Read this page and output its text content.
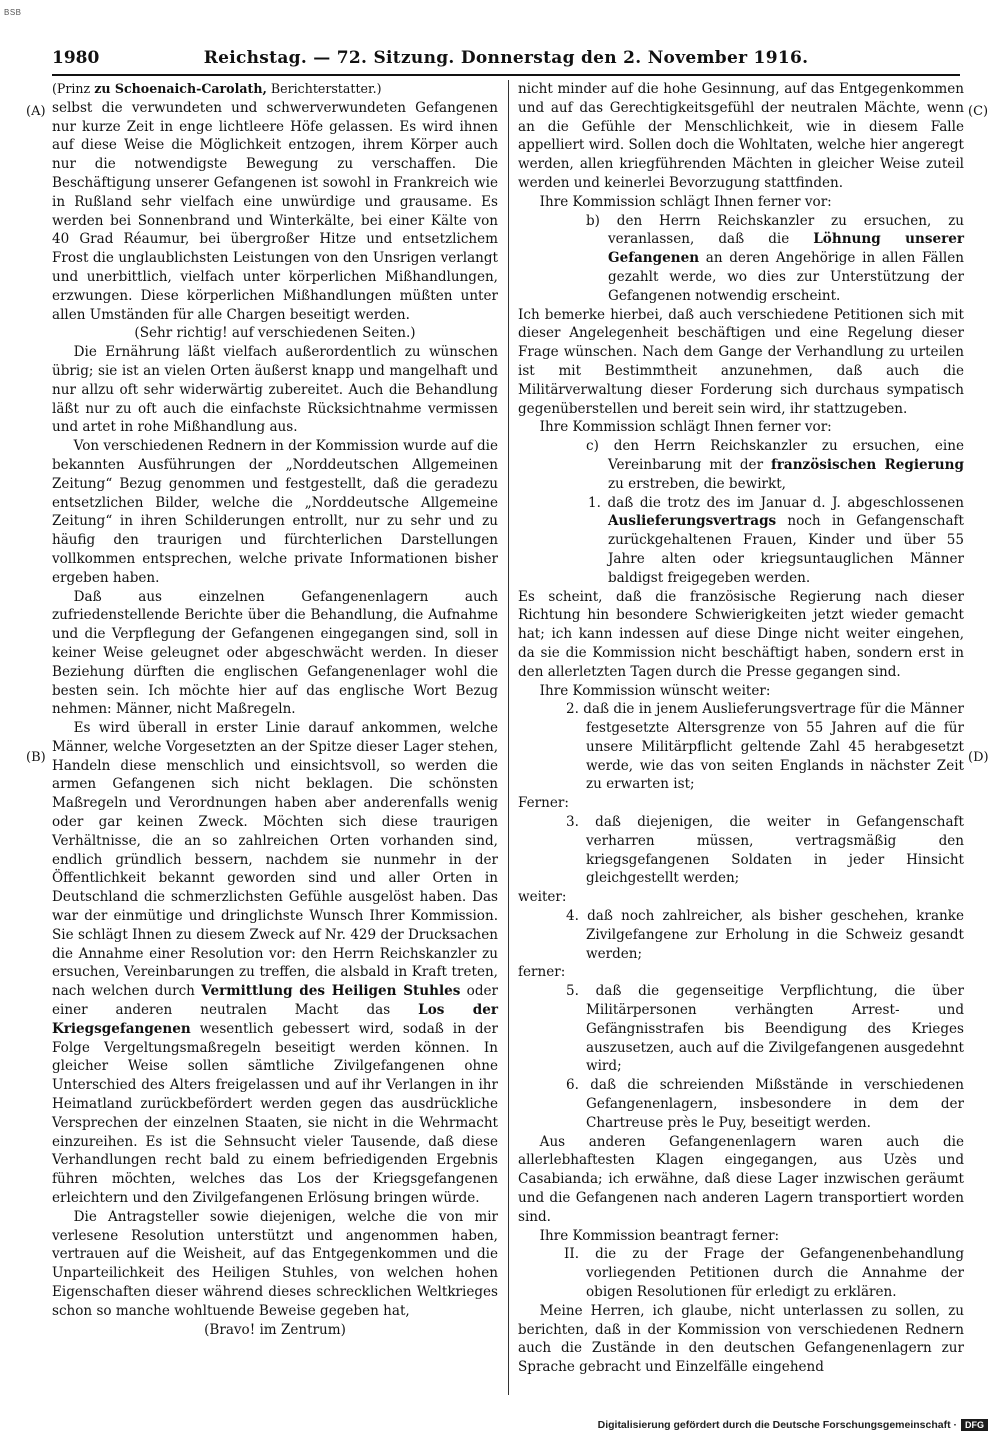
BSB
1980	Reichstag. — 72. Sitzung. Donnerstag den 2. November 1916.
(A)
(B)
(C)
(D)

(Prinz zu Schoenaich-Carolath, Berichterstatter.)

selbst die verwundeten und schwerverwundeten Gefangenen nur kurze Zeit in enge lichtleere Höfe gelassen. Es wird ihnen auf diese Weise die Möglichkeit entzogen, ihrem Körper auch nur die notwendigste Bewegung zu verschaffen. Die Beschäftigung unserer Gefangenen ist sowohl in Frankreich wie in Rußland sehr vielfach eine unwürdige und grausame. Es werden bei Sonnenbrand und Winterkälte, bei einer Kälte von 40 Grad Réaumur, bei übergroßer Hitze und entsetzlichem Frost die unglaublichsten Leistungen von den Unsrigen verlangt und unerbittlich, vielfach unter körperlichen Mißhandlungen, erzwungen. Diese körperlichen Mißhandlungen müßten unter allen Umständen für alle Chargen beseitigt werden.

(Sehr richtig! auf verschiedenen Seiten.)

Die Ernährung läßt vielfach außerordentlich zu wünschen übrig; sie ist an vielen Orten äußerst knapp und mangelhaft und nur allzu oft sehr widerwärtig zubereitet. Auch die Behandlung läßt nur zu oft auch die einfachste Rücksichtnahme vermissen und artet in rohe Mißhandlung aus.

Von verschiedenen Rednern in der Kommission wurde auf die bekannten Ausführungen der „Norddeutschen Allgemeinen Zeitung“ Bezug genommen und festgestellt, daß die geradezu entsetzlichen Bilder, welche die „Norddeutsche Allgemeine Zeitung“ in ihren Schilderungen entrollt, nur zu sehr und zu häufig den traurigen und fürchterlichen Darstellungen vollkommen entsprechen, welche private Informationen bisher ergeben haben.

Daß aus einzelnen Gefangenenlagern auch zufriedenstellende Berichte über die Behandlung, die Aufnahme und die Verpflegung der Gefangenen eingegangen sind, soll in keiner Weise geleugnet oder abgeschwächt werden. In dieser Beziehung dürften die englischen Gefangenenlager wohl die besten sein. Ich möchte hier auf das englische Wort Bezug nehmen: Männer, nicht Maßregeln.

Es wird überall in erster Linie darauf ankommen, welche Männer, welche Vorgesetzten an der Spitze dieser Lager stehen, Handeln diese menschlich und einsichtsvoll, so werden die armen Gefangenen sich nicht beklagen. Die schönsten Maßregeln und Verordnungen haben aber anderenfalls wenig oder gar keinen Zweck. Möchten sich diese traurigen Verhältnisse, die an so zahlreichen Orten vorhanden sind, endlich gründlich bessern, nachdem sie nunmehr in der Öffentlichkeit bekannt geworden sind und aller Orten in Deutschland die schmerzlichsten Gefühle ausgelöst haben. Das war der einmütige und dringlichste Wunsch Ihrer Kommission. Sie schlägt Ihnen zu diesem Zweck auf Nr. 429 der Drucksachen die Annahme einer Resolution vor: den Herrn Reichskanzler zu ersuchen, Vereinbarungen zu treffen, die alsbald in Kraft treten, nach welchen durch Vermittlung des Heiligen Stuhles oder einer anderen neutralen Macht das Los der Kriegsgefangenen wesentlich gebessert wird, sodaß in der Folge Vergeltungsmaßregeln beseitigt werden können. In gleicher Weise sollen sämtliche Zivilgefangenen ohne Unterschied des Alters freigelassen und auf ihr Verlangen in ihr Heimatland zurückbefördert werden gegen das ausdrückliche Versprechen der einzelnen Staaten, sie nicht in die Wehrmacht einzureihen. Es ist die Sehnsucht vieler Tausende, daß diese Verhandlungen recht bald zu einem befriedigenden Ergebnis führen möchten, welches das Los der Kriegsgefangenen erleichtern und den Zivilgefangenen Erlösung bringen würde.

Die Antragsteller sowie diejenigen, welche die von mir verlesene Resolution unterstützt und angenommen haben, vertrauen auf die Weisheit, auf das Entgegenkommen und die Unparteilichkeit des Heiligen Stuhles, von welchen hohen Eigenschaften dieser während dieses schrecklichen Weltkrieges schon so manche wohltuende Beweise gegeben hat,

(Bravo! im Zentrum)

nicht minder auf die hohe Gesinnung, auf das Entgegenkommen und auf das Gerechtigkeitsgefühl der neutralen Mächte, wenn an die Gefühle der Menschlichkeit, wie in diesem Falle appelliert wird. Sollen doch die Wohltaten, welche hier angeregt werden, allen kriegführenden Mächten in gleicher Weise zuteil werden und keinerlei Bevorzugung stattfinden.

Ihre Kommission schlägt Ihnen ferner vor:

b) den Herrn Reichskanzler zu ersuchen, zu veranlassen, daß die Löhnung unserer Gefangenen an deren Angehörige in allen Fällen gezahlt werde, wo dies zur Unterstützung der Gefangenen notwendig erscheint.

Ich bemerke hierbei, daß auch verschiedene Petitionen sich mit dieser Angelegenheit beschäftigen und eine Regelung dieser Frage wünschen. Nach dem Gange der Verhandlung zu urteilen ist mit Bestimmtheit anzunehmen, daß auch die Militärverwaltung dieser Forderung sich durchaus sympatisch gegenüberstellen und bereit sein wird, ihr stattzugeben.

Ihre Kommission schlägt Ihnen ferner vor:

c) den Herrn Reichskanzler zu ersuchen, eine Vereinbarung mit der französischen Regierung zu erstreben, die bewirkt,

1. daß die trotz des im Januar d. J. abgeschlossenen Auslieferungsvertrags noch in Gefangenschaft zurückgehaltenen Frauen, Kinder und über 55 Jahre alten oder kriegsuntauglichen Männer baldigst freigegeben werden.

Es scheint, daß die französische Regierung nach dieser Richtung hin besondere Schwierigkeiten jetzt wieder gemacht hat; ich kann indessen auf diese Dinge nicht weiter eingehen, da sie die Kommission nicht beschäftigt haben, sondern erst in den allerletzten Tagen durch die Presse gegangen sind.

Ihre Kommission wünscht weiter:

2. daß die in jenem Auslieferungsvertrage für die Männer festgesetzte Altersgrenze von 55 Jahren auf die für unsere Militärpflicht geltende Zahl 45 herabgesetzt werde, wie das von seiten Englands in nächster Zeit zu erwarten ist;

Ferner:

3. daß diejenigen, die weiter in Gefangenschaft verharren müssen, vertragsmäßig den kriegsgefangenen Soldaten in jeder Hinsicht gleichgestellt werden;

weiter:

4. daß noch zahlreicher, als bisher geschehen, kranke Zivilgefangene zur Erholung in die Schweiz gesandt werden;

ferner:

5. daß die gegenseitige Verpflichtung, die über Militärpersonen verhängten Arrest- und Gefängnisstrafen bis Beendigung des Krieges auszusetzen, auch auf die Zivilgefangenen ausgedehnt wird;

6. daß die schreienden Mißstände in verschiedenen Gefangenenlagern, insbesondere in dem der Chartreuse près le Puy, beseitigt werden.

Aus anderen Gefangenenlagern waren auch die allerlebhaftesten Klagen eingegangen, aus Uzès und Casabianda; ich erwähne, daß diese Lager inzwischen geräumt und die Gefangenen nach anderen Lagern transportiert worden sind.

Ihre Kommission beantragt ferner:

II. die zu der Frage der Gefangenenbehandlung vorliegenden Petitionen durch die Annahme der obigen Resolutionen für erledigt zu erklären.

Meine Herren, ich glaube, nicht unterlassen zu sollen, zu berichten, daß in der Kommission von verschiedenen Rednern auch die Zustände in den deutschen Gefangenenlagern zur Sprache gebracht und Einzelfälle eingehend

Digitalisierung gefördert durch die Deutsche Forschungsgemeinschaft · DFG
